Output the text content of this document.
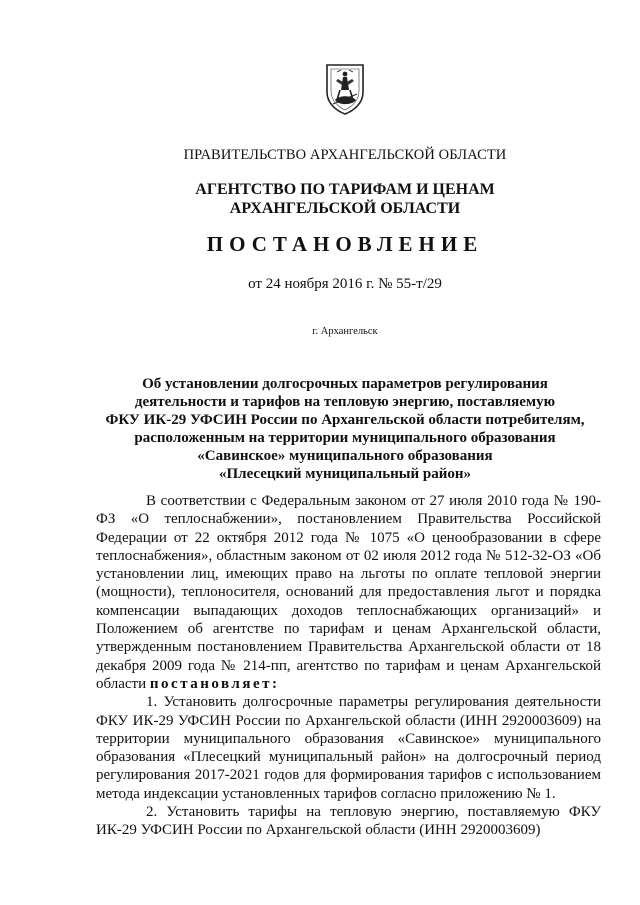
ПРАВИТЕЛЬСТВО АРХАНГЕЛЬСКОЙ ОБЛАСТИ
АГЕНТСТВО ПО ТАРИФАМ И ЦЕНАМ
АРХАНГЕЛЬСКОЙ ОБЛАСТИ
ПОСТАНОВЛЕНИЕ
от 24 ноября 2016 г. № 55-т/29
г. Архангельск
Об установлении долгосрочных параметров регулирования
деятельности и тарифов на тепловую энергию, поставляемую
ФКУ ИК-29 УФСИН России по Архангельской области потребителям,
расположенным на территории муниципального образования
«Савинское» муниципального образования
«Плесецкий муниципальный район»

В соответствии с Федеральным законом от 27 июля 2010 года № 190-ФЗ «О теплоснабжении», постановлением Правительства Российской Федерации от 22 октября 2012 года № 1075 «О ценообразовании в сфере теплоснабжения», областным законом от 02 июля 2012 года № 512-32-ОЗ «Об установлении лиц, имеющих право на льготы по оплате тепловой энергии (мощности), теплоносителя, оснований для предоставления льгот и порядка компенсации выпадающих доходов теплоснабжающих организаций» и Положением об агентстве по тарифам и ценам Архангельской области, утвержденным постановлением Правительства Архангельской области от 18 декабря 2009 года № 214-пп, агентство по тарифам и ценам Архангельской области постановляет:

1. Установить долгосрочные параметры регулирования деятельности ФКУ ИК-29 УФСИН России по Архангельской области (ИНН 2920003609) на территории муниципального образования «Савинское» муниципального образования «Плесецкий муниципальный район» на долгосрочный период регулирования 2017-2021 годов для формирования тарифов с использованием метода индексации установленных тарифов согласно приложению № 1.

2. Установить тарифы на тепловую энергию, поставляемую ФКУ ИК-29 УФСИН России по Архангельской области (ИНН 2920003609)
